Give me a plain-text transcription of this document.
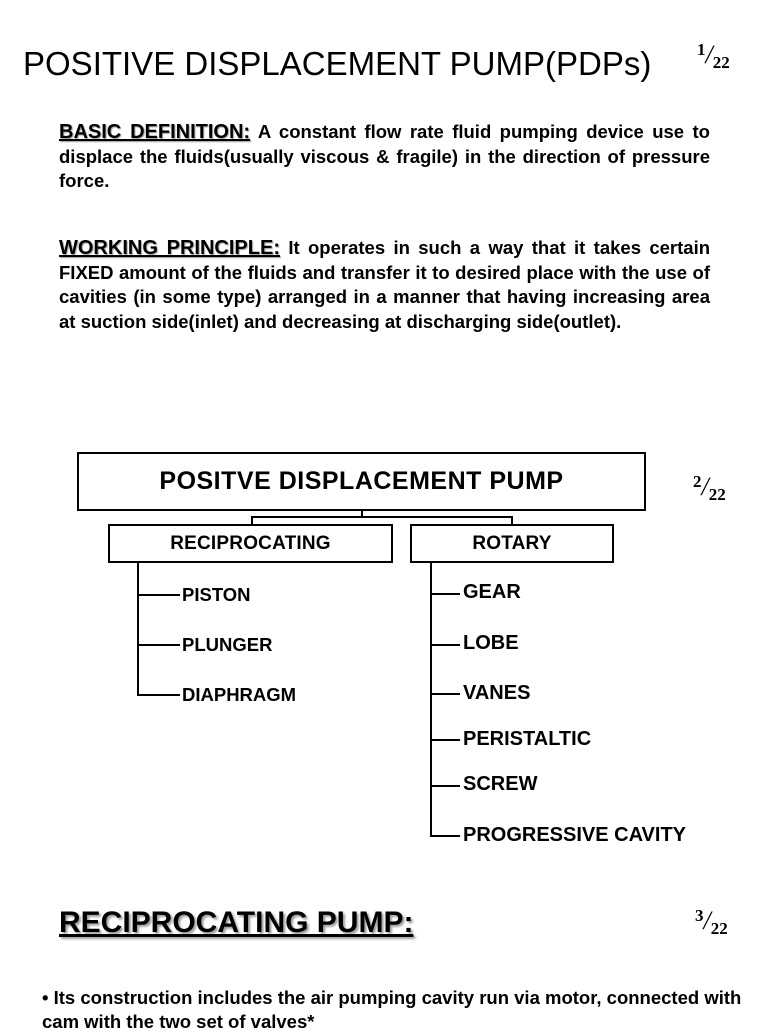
POSITIVE DISPLACEMENT PUMP(PDPs)	1/22

BASIC DEFINITION: A constant flow rate fluid pumping device use to displace the fluids(usually viscous & fragile) in the direction of pressure force.

WORKING PRINCIPLE: It operates in such a way that it takes certain FIXED amount of the fluids and transfer it to desired place with the use of cavities (in some type) arranged in a manner that having increasing area at suction side(inlet) and decreasing at discharging side(outlet).

POSITVE DISPLACEMENT PUMP	2/22
RECIPROCATING	ROTARY
PISTON
PLUNGER
DIAPHRAGM
GEAR
LOBE
VANES
PERISTALTIC
SCREW
PROGRESSIVE CAVITY
RECIPROCATING PUMP:	3/22
• Its construction includes the air pumping cavity run via motor, connected with cam with the two set of valves*
